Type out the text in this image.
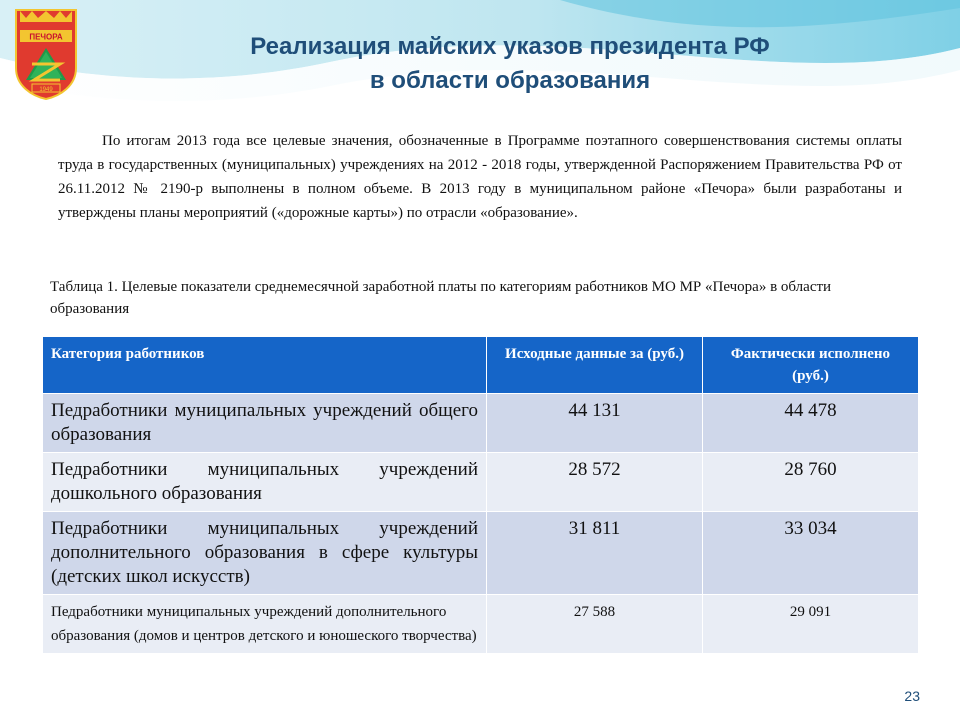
ПЕЧОРА
1949
Реализация майских указов президента РФ
в области образования

По итогам 2013 года все целевые значения, обозначенные в Программе поэтапного совершенствования системы оплаты труда в государственных (муниципальных) учреждениях на 2012 - 2018 годы, утвержденной Распоряжением Правительства РФ от 26.11.2012 № 2190-р выполнены в полном объеме. В 2013 году в муниципальном районе «Печора» были разработаны и утверждены планы мероприятий («дорожные карты») по отрасли «образование».

Таблица 1. Целевые показатели среднемесячной заработной платы по категориям работников МО МР «Печора» в области образования

Категория работников	Исходные данные за (руб.)	Фактически исполнено (руб.)
Педработники муниципальных учреждений общего образования	44 131	44 478
Педработники муниципальных учреждений дошкольного образования	28 572	28 760
Педработники муниципальных учреждений дополнительного образования в сфере культуры (детских школ искусств)	31 811	33 034
Педработники муниципальных учреждений дополнительного образования (домов и центров детского и юношеского творчества)	27 588	29 091
23
